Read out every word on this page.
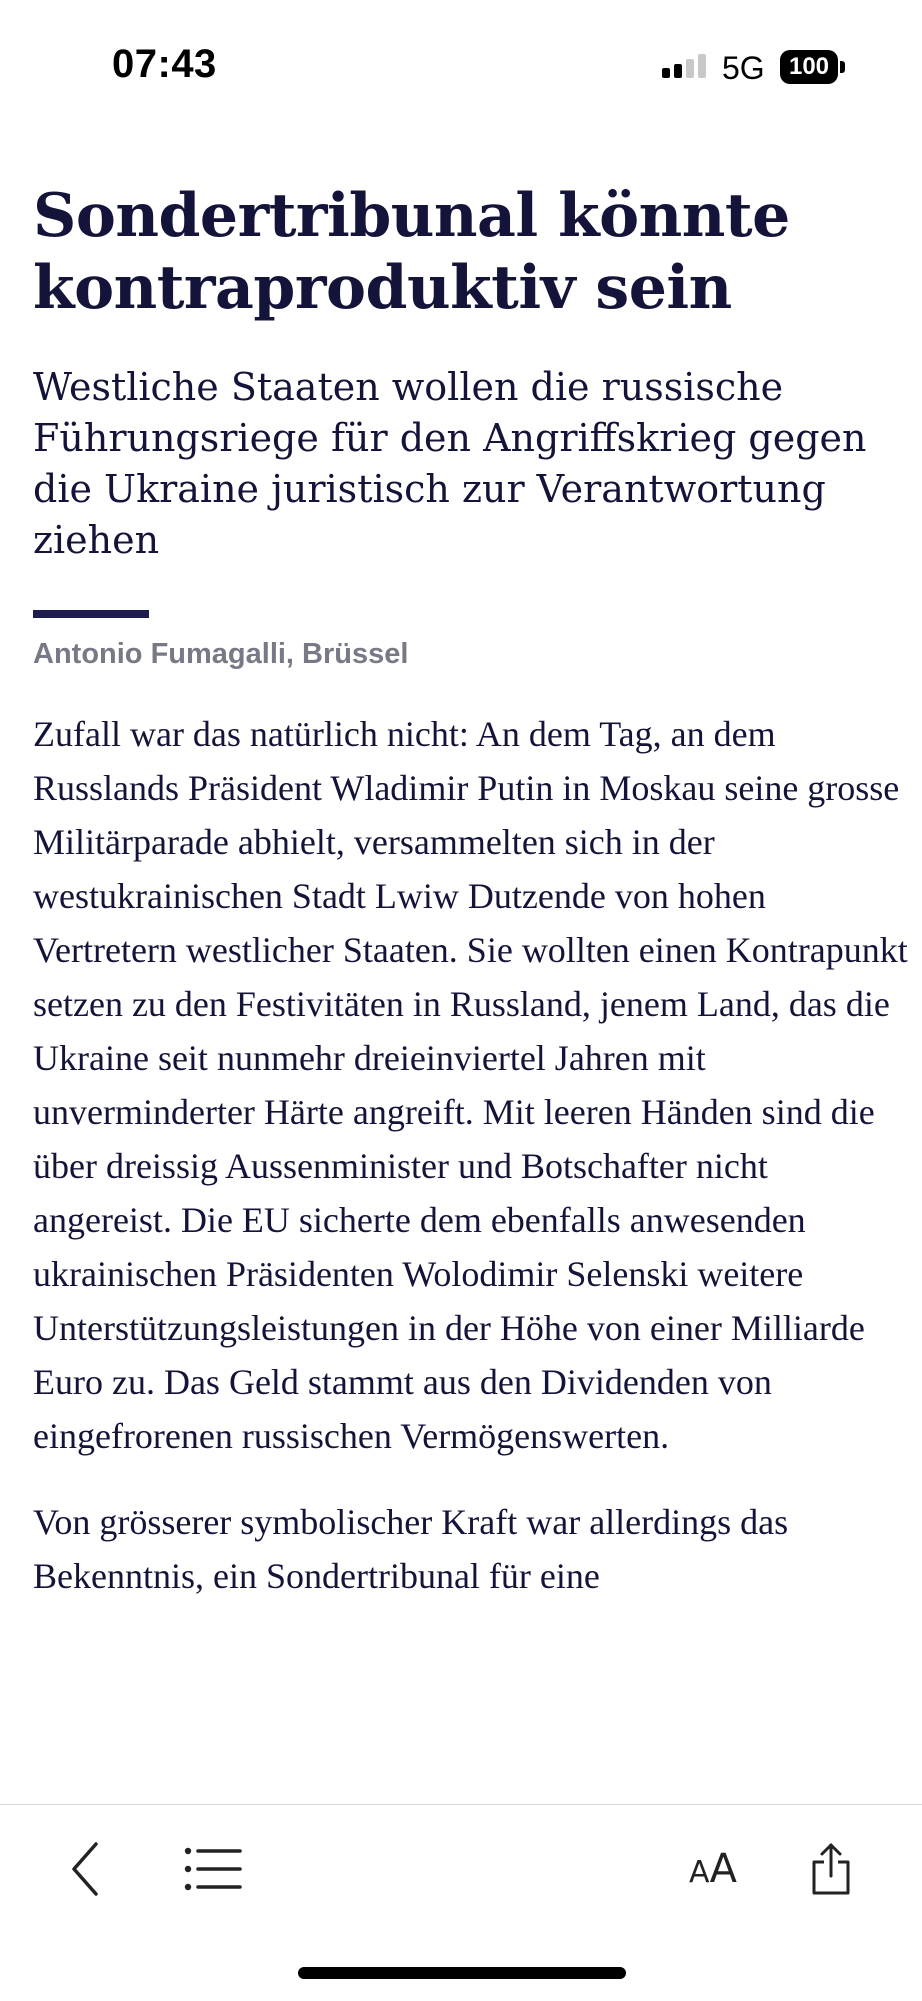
07:43	5G	100
Sondertribunal könnte kontraproduktiv sein

Westliche Staaten wollen die russische Führungsriege für den Angriffskrieg gegen die Ukraine juristisch zur Verantwortung ziehen

Antonio Fumagalli, Brüssel

Zufall war das natürlich nicht: An dem Tag, an dem Russlands Präsident Wladimir Putin in Moskau seine grosse Militärparade abhielt, versammelten sich in der westukrainischen Stadt Lwiw Dutzende von hohen Vertretern westlicher Staaten. Sie wollten einen Kontrapunkt setzen zu den Festivitäten in Russland, jenem Land, das die Ukraine seit nunmehr dreieinviertel Jahren mit unverminderter Härte angreift. Mit leeren Händen sind die über dreissig Aussenminister und Botschafter nicht angereist. Die EU sicherte dem ebenfalls anwesenden ukrainischen Präsidenten Wolodimir Selenski weitere Unterstützungsleistungen in der Höhe von einer Milliarde Euro zu. Das Geld stammt aus den Dividenden von eingefrorenen russischen Vermögenswerten.

Von grösserer symbolischer Kraft war allerdings das Bekenntnis, ein Sondertribunal für eine

AA
